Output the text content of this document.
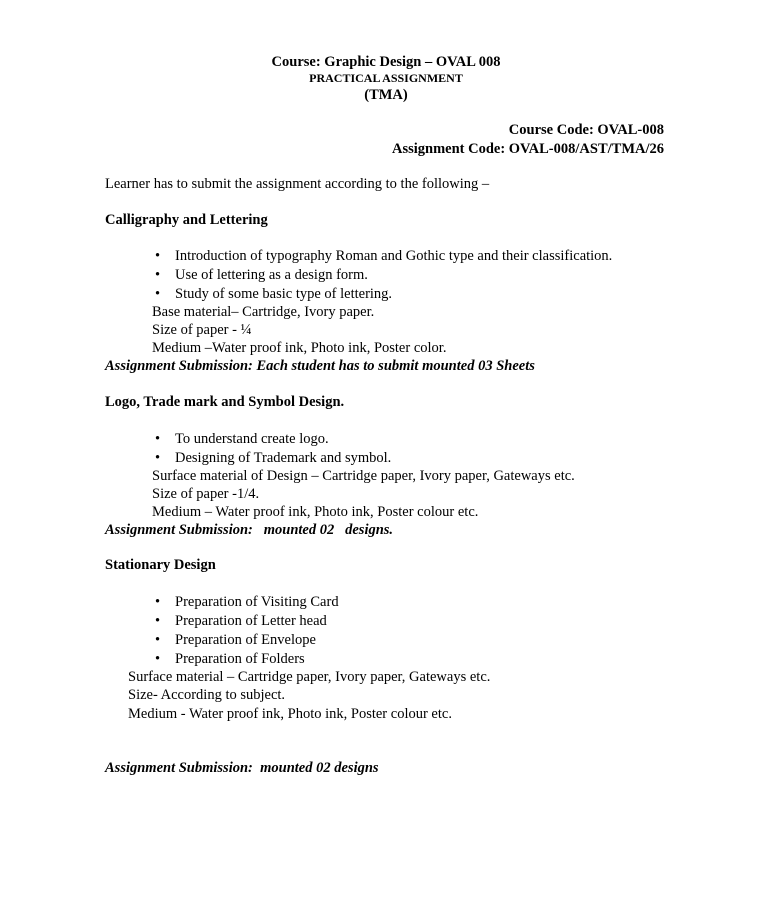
Course: Graphic Design – OVAL 008
PRACTICAL ASSIGNMENT
(TMA)
Course Code: OVAL-008
Assignment Code: OVAL-008/AST/TMA/26
Learner has to submit the assignment according to the following –
Calligraphy and Lettering
• Introduction of typography Roman and Gothic type and their classification.
• Use of lettering as a design form.
• Study of some basic type of lettering.
Base material– Cartridge, Ivory paper.
Size of paper - ¼
Medium –Water proof ink, Photo ink, Poster color.
Assignment Submission: Each student has to submit mounted 03 Sheets
Logo, Trade mark and Symbol Design.
• To understand create logo.
• Designing of Trademark and symbol.
Surface material of Design – Cartridge paper, Ivory paper, Gateways etc.
Size of paper -1/4.
Medium – Water proof ink, Photo ink, Poster colour etc.
Assignment Submission:   mounted 02   designs.
Stationary Design
• Preparation of Visiting Card
• Preparation of Letter head
• Preparation of Envelope
• Preparation of Folders
Surface material – Cartridge paper, Ivory paper, Gateways etc.
Size- According to subject.
Medium - Water proof ink, Photo ink, Poster colour etc.
Assignment Submission:  mounted 02 designs
